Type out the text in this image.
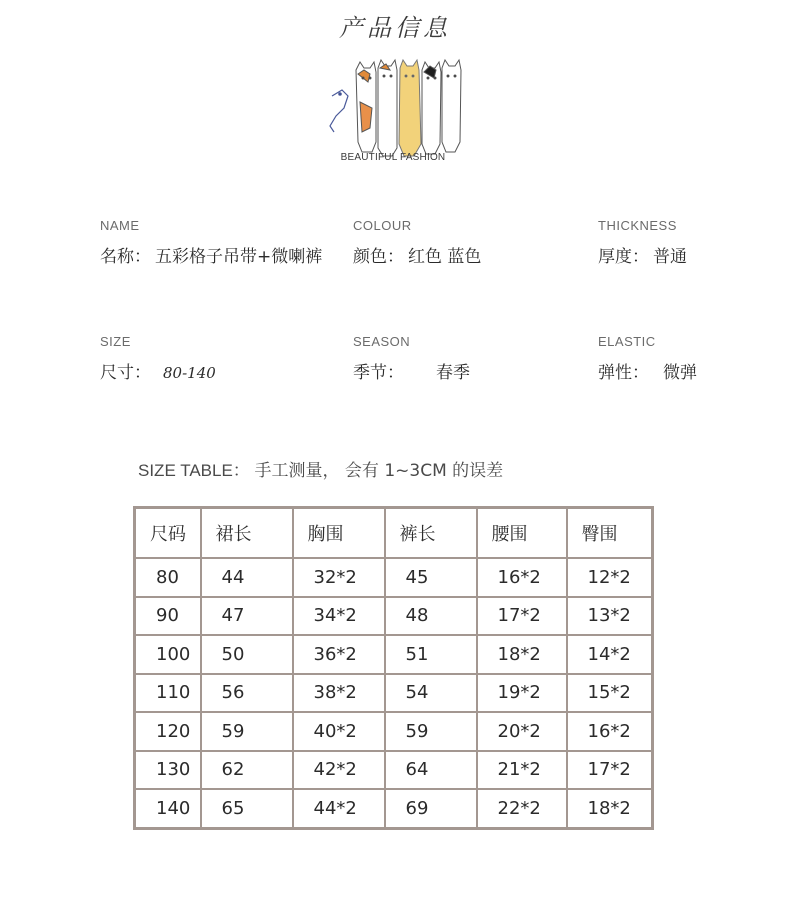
产品信息
BEAUTIFUL FASHION
NAME
名称： 五彩格子吊带+微喇裤
COLOUR
颜色： 红色 蓝色
THICKNESS
厚度： 普通
SIZE
尺寸： 80-140
SEASON
季节： 春季
ELASTIC
弹性： 微弹
SIZE TABLE： 手工测量， 会有 1~3CM 的误差
尺码	裙长	胸围	裤长	腰围	臀围
80	44	32*2	45	16*2	12*2
90	47	34*2	48	17*2	13*2
100	50	36*2	51	18*2	14*2
110	56	38*2	54	19*2	15*2
120	59	40*2	59	20*2	16*2
130	62	42*2	64	21*2	17*2
140	65	44*2	69	22*2	18*2
